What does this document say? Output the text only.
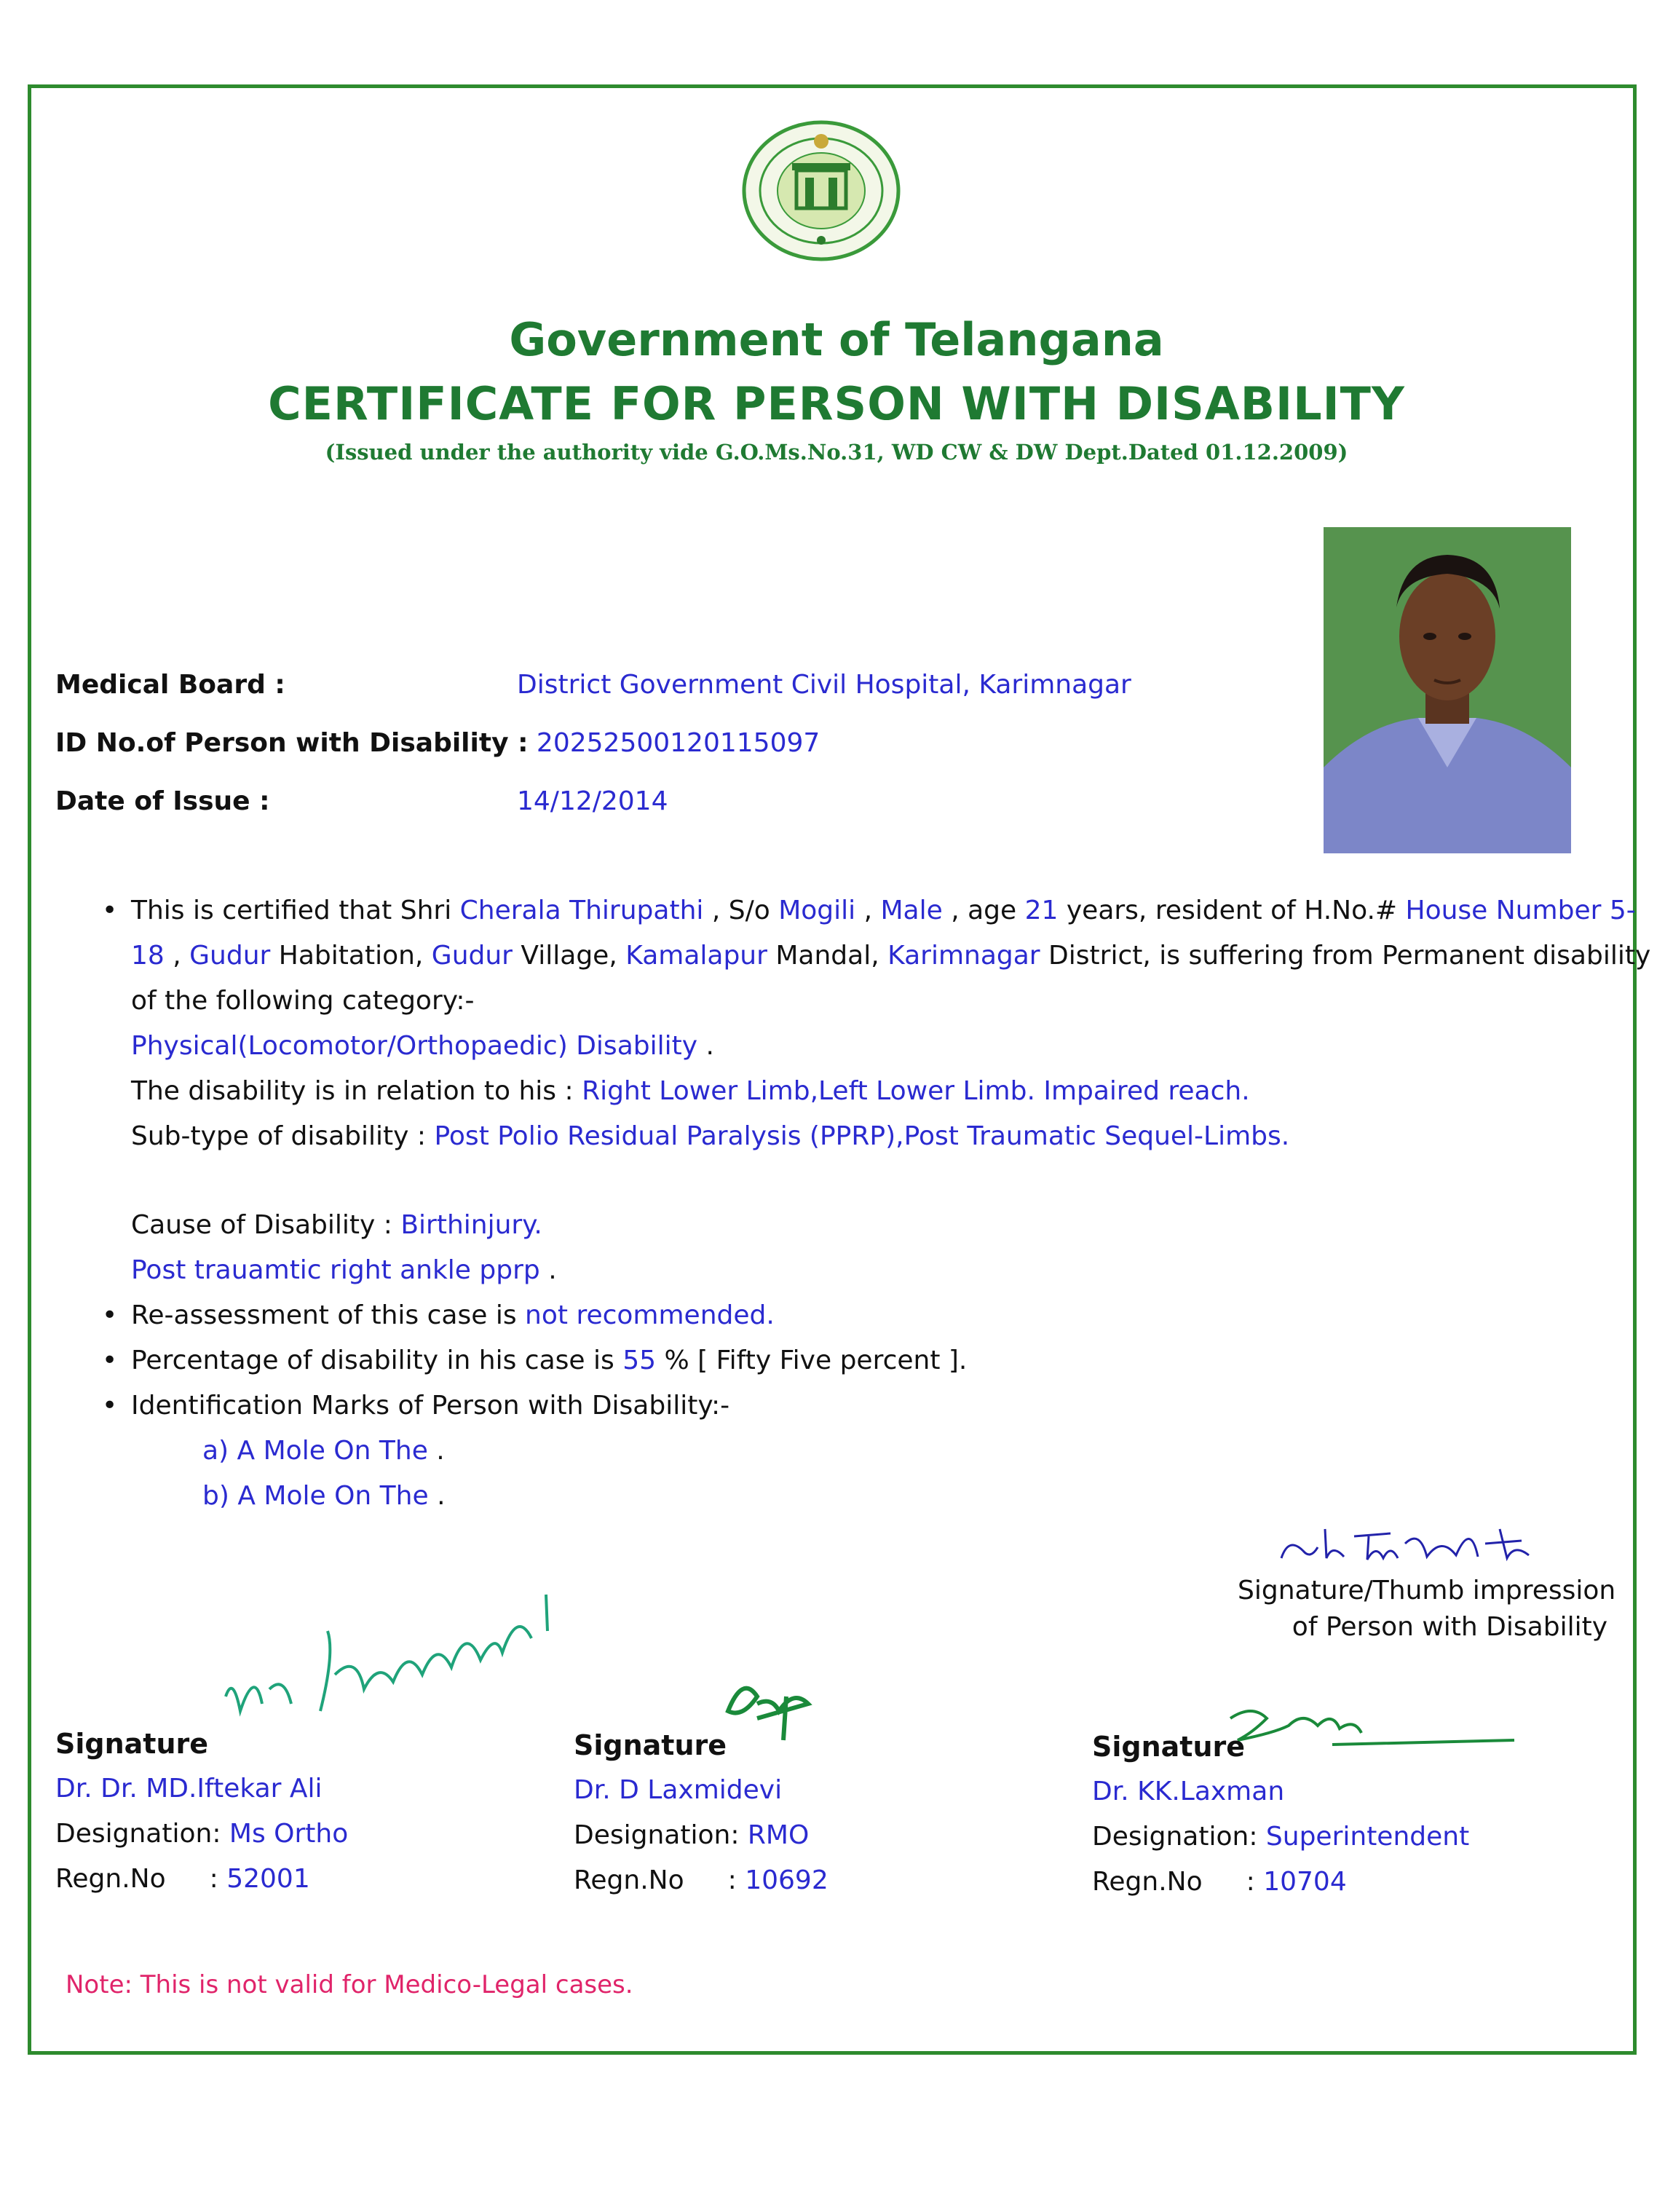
Government of Telangana
CERTIFICATE FOR PERSON WITH DISABILITY
(Issued under the authority vide G.O.Ms.No.31, WD CW & DW Dept.Dated 01.12.2009)
Medical Board :	District Government Civil Hospital, Karimnagar
ID No.of Person with Disability : 20252500120115097
Date of Issue :	14/12/2014
• This is certified that Shri Cherala Thirupathi , S/o Mogili , Male , age 21 years, resident of H.No.# House Number 5-
18 , Gudur Habitation, Gudur Village, Kamalapur Mandal, Karimnagar District, is suffering from Permanent disability
of the following category:-
Physical(Locomotor/Orthopaedic) Disability .
The disability is in relation to his : Right Lower Limb,Left Lower Limb. Impaired reach.
Sub-type of disability : Post Polio Residual Paralysis (PPRP),Post Traumatic Sequel-Limbs.
Cause of Disability : Birthinjury.
Post trauamtic right ankle pprp .
• Re-assessment of this case is not recommended.
• Percentage of disability in his case is 55 % [ Fifty Five percent ].
• Identification Marks of Person with Disability:-
a) A Mole On The .
b) A Mole On The .
Signature/Thumb impression
of Person with Disability
Signature
Dr. Dr. MD.Iftekar Ali
Designation: Ms Ortho
Regn.No : 52001
Signature
Dr. D Laxmidevi
Designation: RMO
Regn.No : 10692
Signature
Dr. KK.Laxman
Designation: Superintendent
Regn.No : 10704
Note: This is not valid for Medico-Legal cases.
